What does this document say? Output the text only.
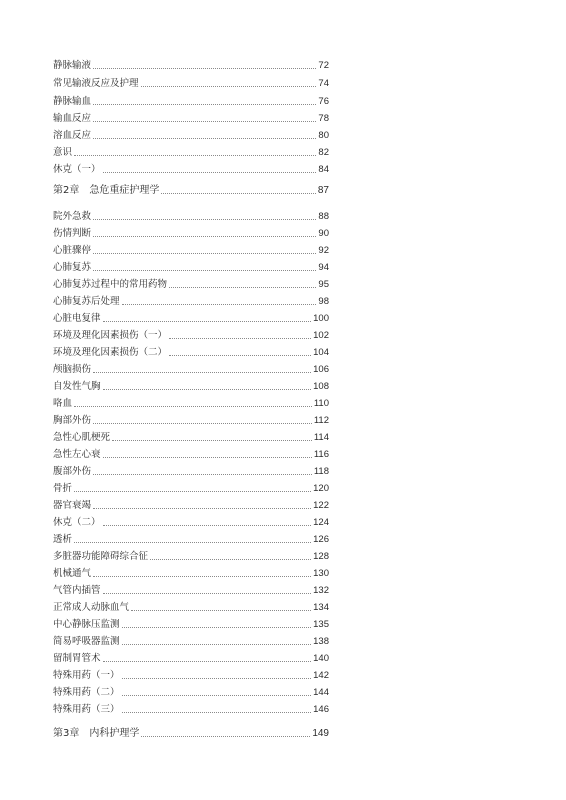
静脉输液	72
常见输液反应及护理	74
静脉输血	76
输血反应	78
溶血反应	80
意识	82
休克（一）	84
第2章 急危重症护理学	87
院外急救	88
伤情判断	90
心脏骤停	92
心肺复苏	94
心肺复苏过程中的常用药物	95
心肺复苏后处理	98
心脏电复律	100
环境及理化因素损伤（一）	102
环境及理化因素损伤（二）	104
颅脑损伤	106
自发性气胸	108
咯血	110
胸部外伤	112
急性心肌梗死	114
急性左心衰	116
腹部外伤	118
骨折	120
器官衰竭	122
休克（二）	124
透析	126
多脏器功能障碍综合征	128
机械通气	130
气管内插管	132
正常成人动脉血气	134
中心静脉压监测	135
简易呼吸器监测	138
留制胃管术	140
特殊用药（一）	142
特殊用药（二）	144
特殊用药（三）	146
第3章 内科护理学	149
